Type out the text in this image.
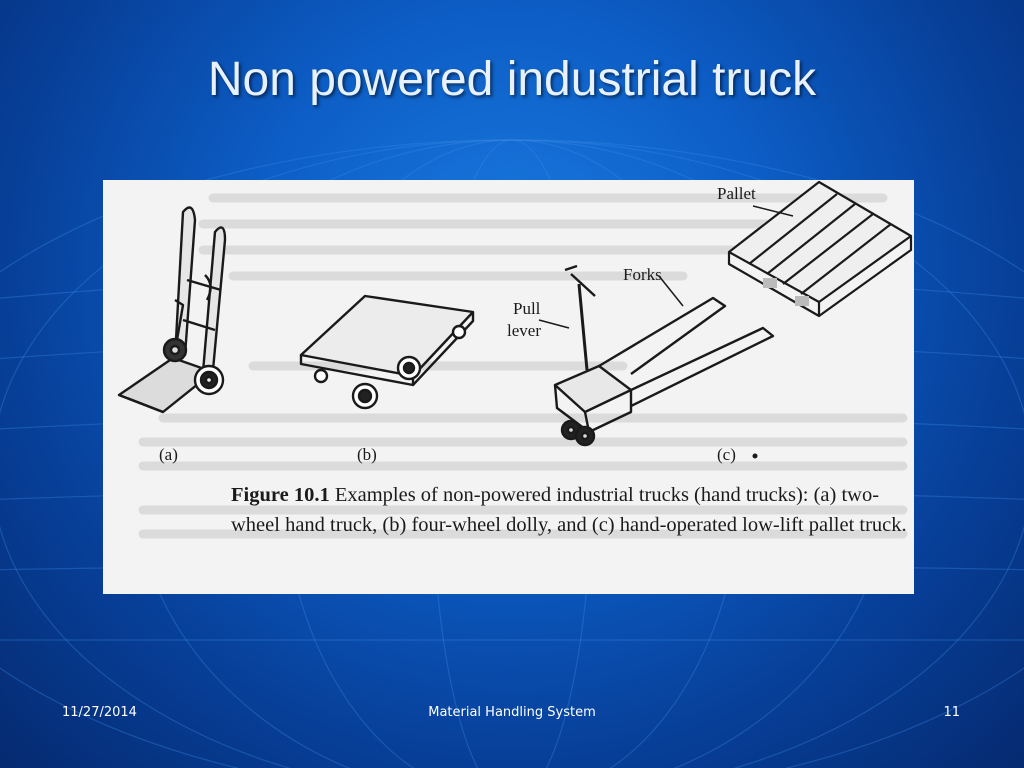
Non powered industrial truck
(a)	(b)	(c)
Pallet
Forks
Pull
lever
Figure 10.1 Examples of non-powered industrial trucks (hand trucks): (a) two-wheel hand truck, (b) four-wheel dolly, and (c) hand-operated low-lift pallet truck.
11/27/2014	Material Handling System	11
